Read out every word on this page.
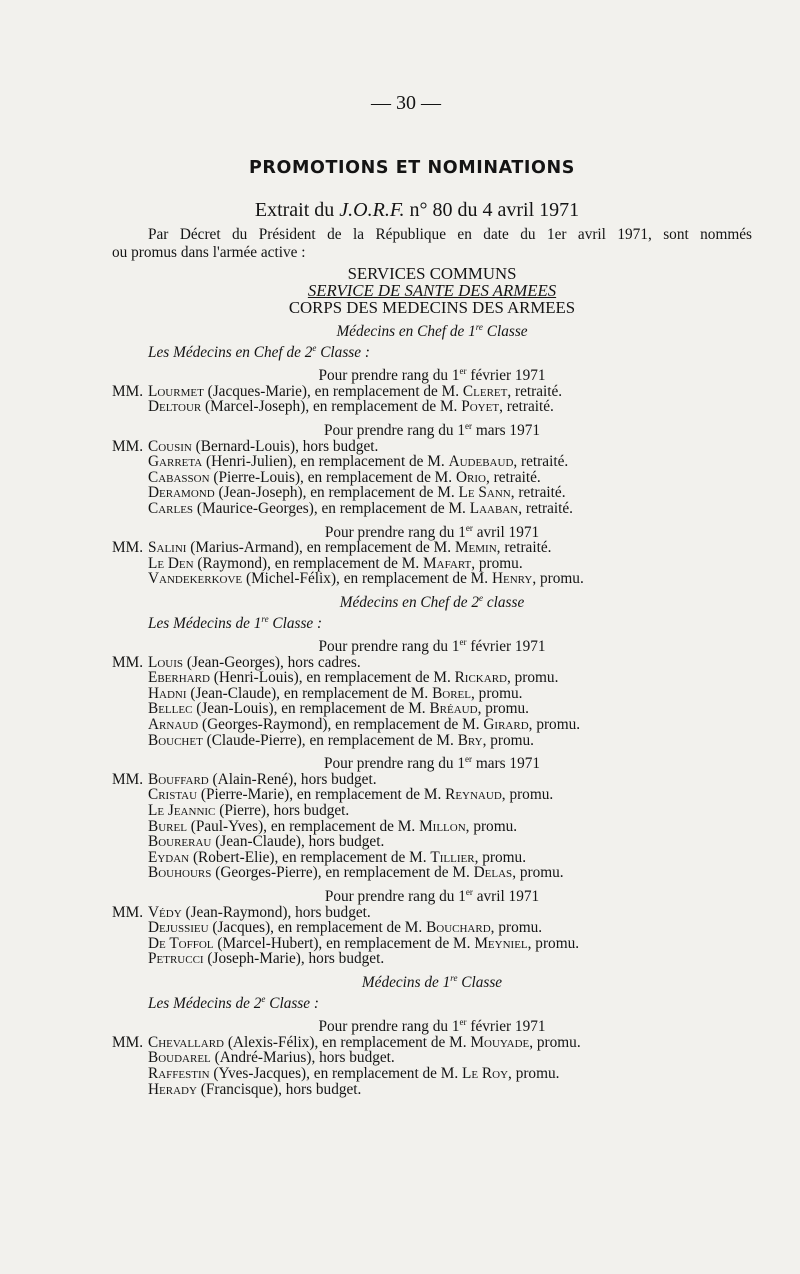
— 30 —
PROMOTIONS ET NOMINATIONS
Extrait du J.O.R.F. n° 80 du 4 avril 1971

Par Décret du Président de la République en date du 1er avril 1971, sont nommés

ou promus dans l'armée active :

SERVICES COMMUNS
SERVICE DE SANTE DES ARMEES
CORPS DES MEDECINS DES ARMEES
Médecins en Chef de 1re Classe
Les Médecins en Chef de 2e Classe :
Pour prendre rang du 1er février 1971
MM. Lourmet (Jacques-Marie), en remplacement de M. Cleret, retraité.
Deltour (Marcel-Joseph), en remplacement de M. Poyet, retraité.
Pour prendre rang du 1er mars 1971
MM. Cousin (Bernard-Louis), hors budget.
Garreta (Henri-Julien), en remplacement de M. Audebaud, retraité.
Cabasson (Pierre-Louis), en remplacement de M. Orio, retraité.
Deramond (Jean-Joseph), en remplacement de M. Le Sann, retraité.
Carles (Maurice-Georges), en remplacement de M. Laaban, retraité.
Pour prendre rang du 1er avril 1971
MM. Salini (Marius-Armand), en remplacement de M. Memin, retraité.
Le Den (Raymond), en remplacement de M. Mafart, promu.
Vandekerkove (Michel-Félix), en remplacement de M. Henry, promu.
Médecins en Chef de 2e classe
Les Médecins de 1re Classe :
Pour prendre rang du 1er février 1971
MM. Louis (Jean-Georges), hors cadres.
Eberhard (Henri-Louis), en remplacement de M. Rickard, promu.
Hadni (Jean-Claude), en remplacement de M. Borel, promu.
Bellec (Jean-Louis), en remplacement de M. Bréaud, promu.
Arnaud (Georges-Raymond), en remplacement de M. Girard, promu.
Bouchet (Claude-Pierre), en remplacement de M. Bry, promu.
Pour prendre rang du 1er mars 1971
MM. Bouffard (Alain-René), hors budget.
Cristau (Pierre-Marie), en remplacement de M. Reynaud, promu.
Le Jeannic (Pierre), hors budget.
Burel (Paul-Yves), en remplacement de M. Millon, promu.
Bourerau (Jean-Claude), hors budget.
Eydan (Robert-Elie), en remplacement de M. Tillier, promu.
Bouhours (Georges-Pierre), en remplacement de M. Delas, promu.
Pour prendre rang du 1er avril 1971
MM. Védy (Jean-Raymond), hors budget.
Dejussieu (Jacques), en remplacement de M. Bouchard, promu.
De Toffol (Marcel-Hubert), en remplacement de M. Meyniel, promu.
Petrucci (Joseph-Marie), hors budget.
Médecins de 1re Classe
Les Médecins de 2e Classe :
Pour prendre rang du 1er février 1971
MM. Chevallard (Alexis-Félix), en remplacement de M. Mouyade, promu.
Boudarel (André-Marius), hors budget.
Raffestin (Yves-Jacques), en remplacement de M. Le Roy, promu.
Herady (Francisque), hors budget.
